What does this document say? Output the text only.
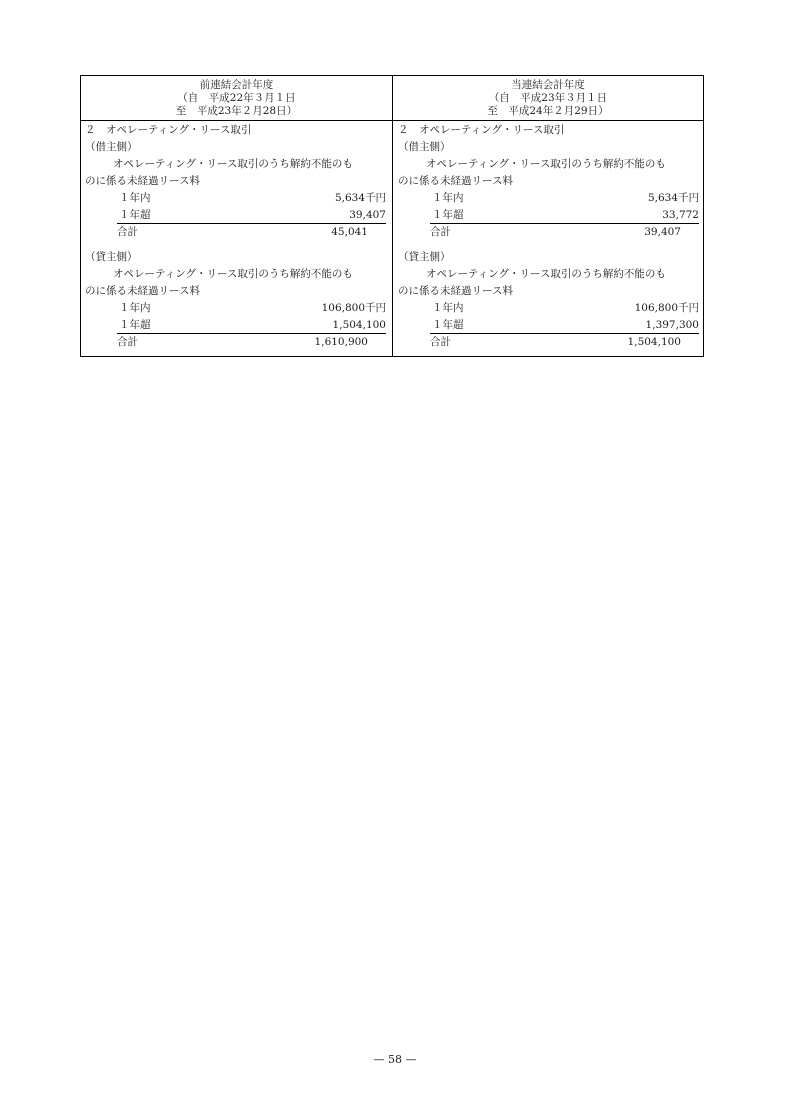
前連結会計年度
（自　平成22年３月１日
至　平成23年２月28日）
当連結会計年度
（自　平成23年３月１日
至　平成24年２月29日）
２　オペレーティング・リース取引
（借主側）
オペレーティング・リース取引のうち解約不能のも
のに係る未経過リース料
１年内	5,634千円
１年超	39,407
合計	45,041
（貸主側）
オペレーティング・リース取引のうち解約不能のも
のに係る未経過リース料
１年内	106,800千円
１年超	1,504,100
合計	1,610,900
２　オペレーティング・リース取引
（借主側）
オペレーティング・リース取引のうち解約不能のも
のに係る未経過リース料
１年内	5,634千円
１年超	33,772
合計	39,407
（貸主側）
オペレーティング・リース取引のうち解約不能のも
のに係る未経過リース料
１年内	106,800千円
１年超	1,397,300
合計	1,504,100
— 58 —
